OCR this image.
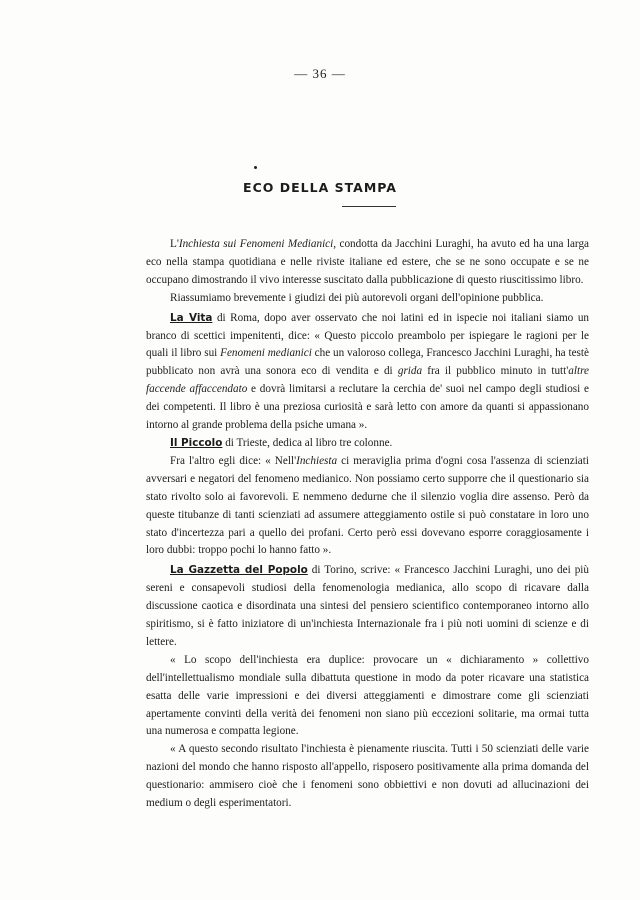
— 36 —
ECO DELLA STAMPA

L'Inchiesta sui Fenomeni Medianici, condotta da Jacchini Luraghi, ha avuto ed ha una larga eco nella stampa quotidiana e nelle riviste italiane ed estere, che se ne sono occupate e se ne occupano dimostrando il vivo interesse suscitato dalla pubblicazione di questo riuscitissimo libro.

Riassumiamo brevemente i giudizi dei più autorevoli organi dell'opinione pubblica.

La Vita di Roma, dopo aver osservato che noi latini ed in ispecie noi italiani siamo un branco di scettici impenitenti, dice: « Questo piccolo preambolo per ispiegare le ragioni per le quali il libro sui Fenomeni medianici che un valoroso collega, Francesco Jacchini Luraghi, ha testè pubblicato non avrà una sonora eco di vendita e di grida fra il pubblico minuto in tutt'altre faccende affaccendato e dovrà limitarsi a reclutare la cerchia de' suoi nel campo degli studiosi e dei competenti. Il libro è una preziosa curiosità e sarà letto con amore da quanti si appassionano intorno al grande problema della psiche umana ».

Il Piccolo di Trieste, dedica al libro tre colonne.

Fra l'altro egli dice: « Nell'Inchiesta ci meraviglia prima d'ogni cosa l'assenza di scienziati avversari e negatori del fenomeno medianico. Non possiamo certo supporre che il questionario sia stato rivolto solo ai favorevoli. E nemmeno dedurne che il silenzio voglia dire assenso. Però da queste titubanze di tanti scienziati ad assumere atteggiamento ostile si può constatare in loro uno stato d'incertezza pari a quello dei profani. Certo però essi dovevano esporre coraggiosamente i loro dubbi: troppo pochi lo hanno fatto ».

La Gazzetta del Popolo di Torino, scrive: « Francesco Jacchini Luraghi, uno dei più sereni e consapevoli studiosi della fenomenologia medianica, allo scopo di ricavare dalla discussione caotica e disordinata una sintesi del pensiero scientifico contemporaneo intorno allo spiritismo, si è fatto iniziatore di un'inchiesta Internazionale fra i più noti uomini di scienze e di lettere.

« Lo scopo dell'inchiesta era duplice: provocare un « dichiaramento » collettivo dell'intellettualismo mondiale sulla dibattuta questione in modo da poter ricavare una statistica esatta delle varie impressioni e dei diversi atteggiamenti e dimostrare come gli scienziati apertamente convinti della verità dei fenomeni non siano più eccezioni solitarie, ma ormai tutta una numerosa e compatta legione.

« A questo secondo risultato l'inchiesta è pienamente riuscita. Tutti i 50 scienziati delle varie nazioni del mondo che hanno risposto all'appello, risposero positivamente alla prima domanda del questionario: ammisero cioè che i fenomeni sono obbiettivi e non dovuti ad allucinazioni dei medium o degli esperimentatori.
